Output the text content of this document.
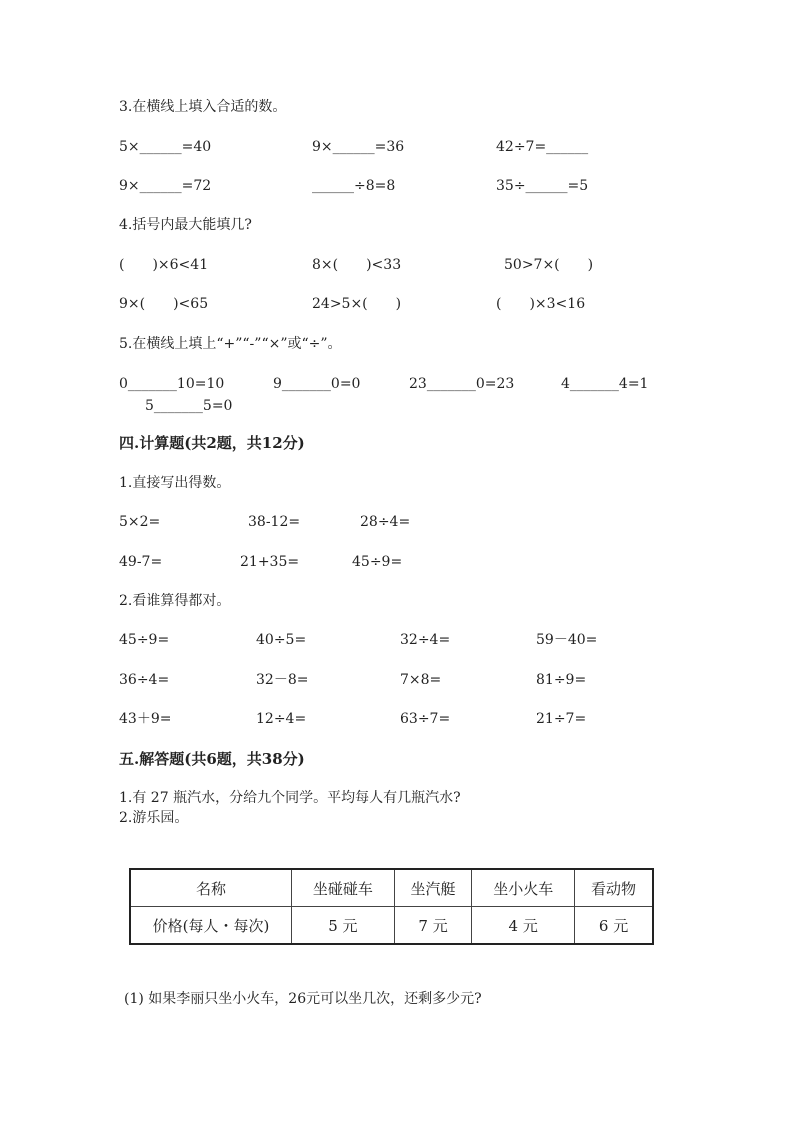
3.在横线上填入合适的数。
5×______=40	9×______=36	42÷7=______
9×______=72	______÷8=8	35÷______=5
4.括号内最大能填几?
(　　)×6<41	8×(　　)<33	50>7×(　　)
9×(　　)<65	24>5×(　　)	(　　)×3<16
5.在横线上填上“+”“-”“×”或“÷”。
0_______10=10	9_______0=0	23_______0=23	4_______4=1
5_______5=0
四.计算题(共2题，共12分)
1.直接写出得数。
5×2=	38-12=	28÷4=
49-7=	21+35=	45÷9=
2.看谁算得都对。
45÷9=	40÷5=	32÷4=	59－40=
36÷4=	32－8=	7×8=	81÷9=
43＋9=	12÷4=	63÷7=	21÷7=
五.解答题(共6题，共38分)
1.有 27 瓶汽水，分给九个同学。平均每人有几瓶汽水?
2.游乐园。
名称	坐碰碰车	坐汽艇	坐小火车	看动物
价格(每人・每次)	5 元	7 元	4 元	6 元
(1) 如果李丽只坐小火车，26元可以坐几次，还剩多少元?
